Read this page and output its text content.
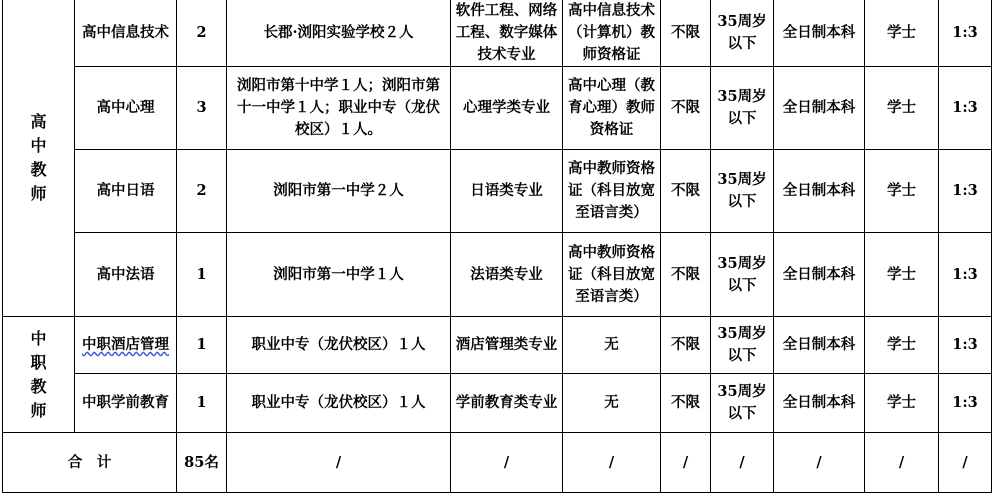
高
中
教
师	高中信息技术	2	长郡·浏阳实验学校２人	软件工程、网络工程、数字媒体技术专业	高中信息技术（计算机）教师资格证	不限	35周岁以下	全日制本科	学士	1:3
	高中心理	3	浏阳市第十中学１人；浏阳市第十一中学１人；职业中专（龙伏校区）１人。	心理学类专业	高中心理（教育心理）教师资格证	不限	35周岁以下	全日制本科	学士	1:3
	高中日语	2	浏阳市第一中学２人	日语类专业	高中教师资格证（科目放宽至语言类）	不限	35周岁以下	全日制本科	学士	1:3
	高中法语	1	浏阳市第一中学１人	法语类专业	高中教师资格证（科目放宽至语言类）	不限	35周岁以下	全日制本科	学士	1:3
中
职
教
师	中职酒店管理	1	职业中专（龙伏校区）１人	酒店管理类专业	无	不限	35周岁以下	全日制本科	学士	1:3
	中职学前教育	1	职业中专（龙伏校区）１人	学前教育类专业	无	不限	35周岁以下	全日制本科	学士	1:3
合　计		85名	/	/	/	/	/	/	/	/
